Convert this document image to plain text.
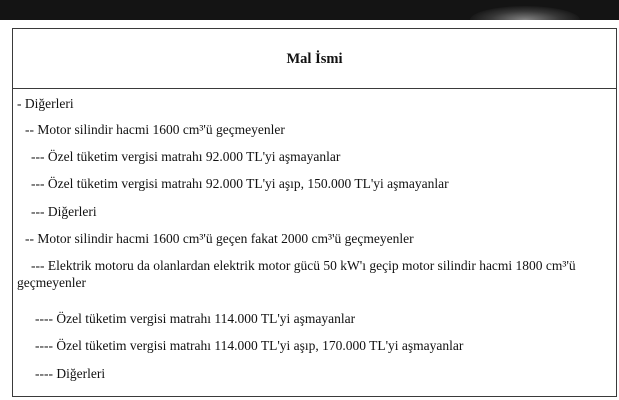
Mal İsmi
- Diğerleri
-- Motor silindir hacmi 1600 cm³'ü geçmeyenler
--- Özel tüketim vergisi matrahı 92.000 TL'yi aşmayanlar
--- Özel tüketim vergisi matrahı 92.000 TL'yi aşıp, 150.000 TL'yi aşmayanlar
--- Diğerleri
-- Motor silindir hacmi 1600 cm³'ü geçen fakat 2000 cm³'ü geçmeyenler
--- Elektrik motoru da olanlardan elektrik motor gücü 50 kW'ı geçip motor silindir hacmi 1800 cm³'ü geçmeyenler
---- Özel tüketim vergisi matrahı 114.000 TL'yi aşmayanlar
---- Özel tüketim vergisi matrahı 114.000 TL'yi aşıp, 170.000 TL'yi aşmayanlar
---- Diğerleri
